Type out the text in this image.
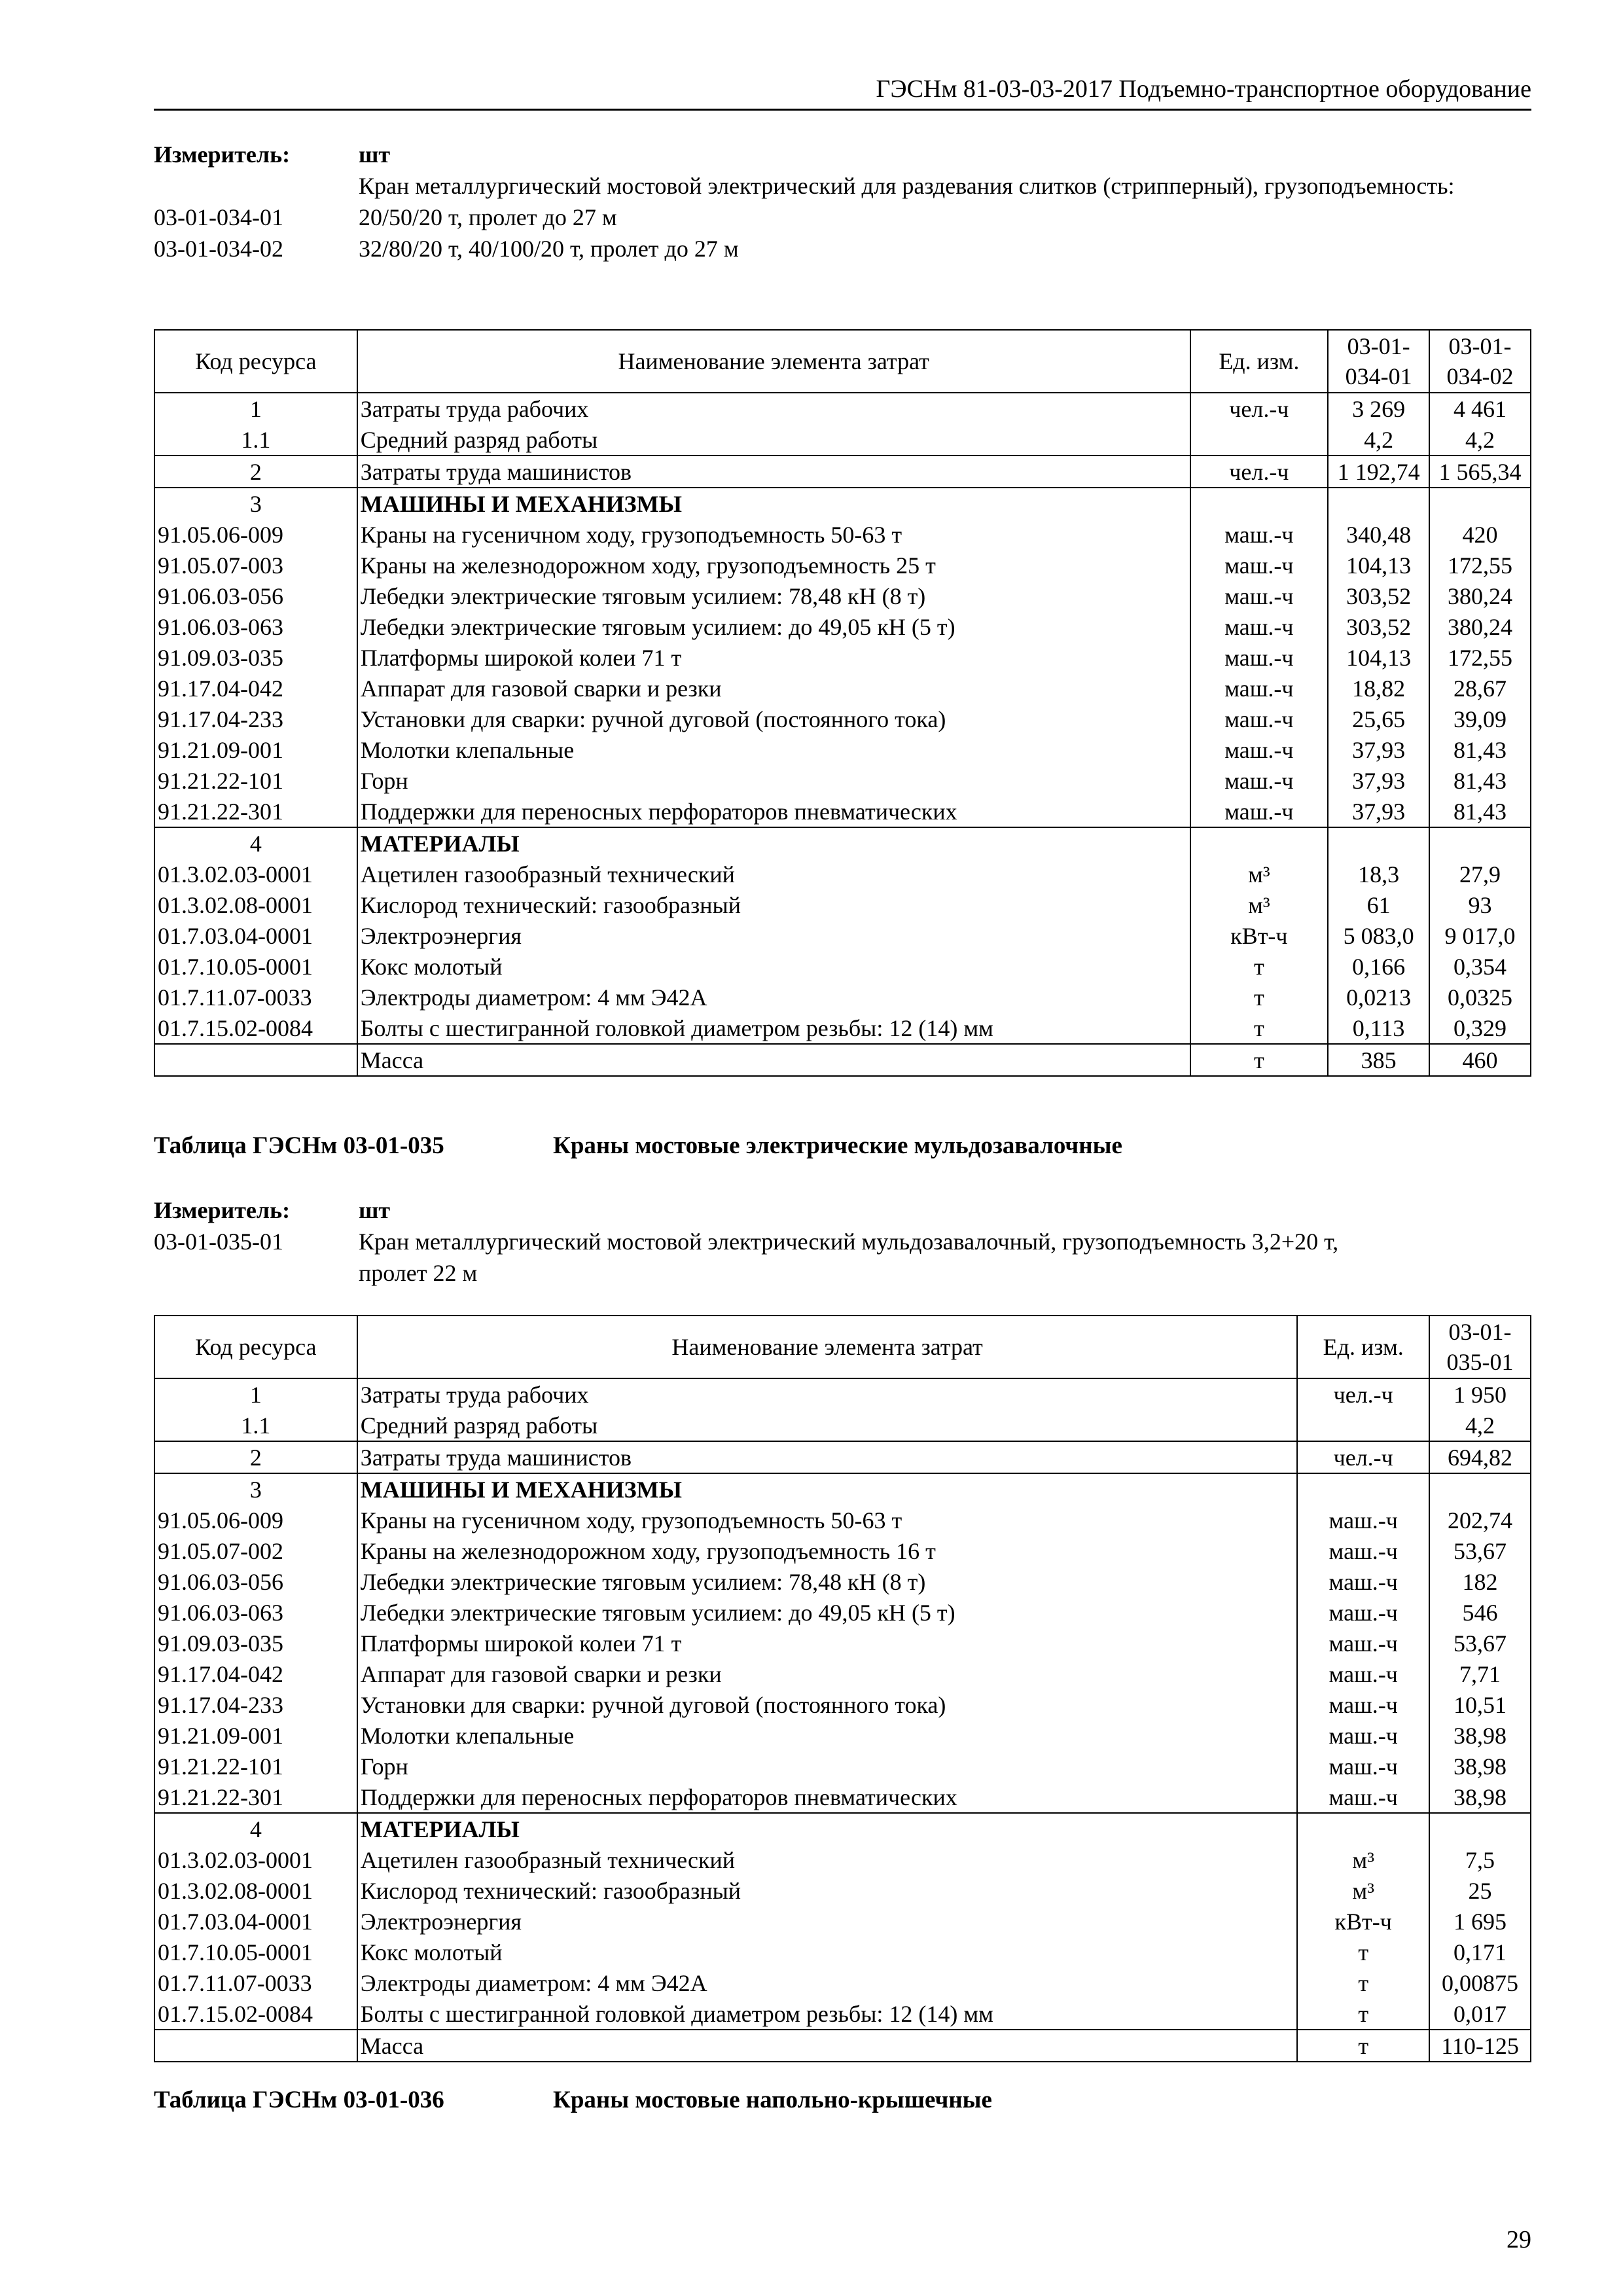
ГЭСНм 81-03-03-2017 Подъемно-транспортное оборудование
Измеритель:	шт
Кран металлургический мостовой электрический для раздевания слитков (стрипперный), грузоподъемность:
03-01-034-01	20/50/20 т, пролет до 27 м
03-01-034-02	32/80/20 т, 40/100/20 т, пролет до 27 м
Код ресурса	Наименование элемента затрат	Ед. изм.	03-01-034-01	03-01-034-02
1	Затраты труда рабочих	чел.-ч	3 269	4 461
1.1	Средний разряд работы		4,2	4,2
2	Затраты труда машинистов	чел.-ч	1 192,74	1 565,34
3	МАШИНЫ И МЕХАНИЗМЫ			
91.05.06-009	Краны на гусеничном ходу, грузоподъемность 50-63 т	маш.-ч	340,48	420
91.05.07-003	Краны на железнодорожном ходу, грузоподъемность 25 т	маш.-ч	104,13	172,55
91.06.03-056	Лебедки электрические тяговым усилием: 78,48 кН (8 т)	маш.-ч	303,52	380,24
91.06.03-063	Лебедки электрические тяговым усилием: до 49,05 кН (5 т)	маш.-ч	303,52	380,24
91.09.03-035	Платформы широкой колеи 71 т	маш.-ч	104,13	172,55
91.17.04-042	Аппарат для газовой сварки и резки	маш.-ч	18,82	28,67
91.17.04-233	Установки для сварки: ручной дуговой (постоянного тока)	маш.-ч	25,65	39,09
91.21.09-001	Молотки клепальные	маш.-ч	37,93	81,43
91.21.22-101	Горн	маш.-ч	37,93	81,43
91.21.22-301	Поддержки для переносных перфораторов пневматических	маш.-ч	37,93	81,43
4	МАТЕРИАЛЫ			
01.3.02.03-0001	Ацетилен газообразный технический	м³	18,3	27,9
01.3.02.08-0001	Кислород технический: газообразный	м³	61	93
01.7.03.04-0001	Электроэнергия	кВт-ч	5 083,0	9 017,0
01.7.10.05-0001	Кокс молотый	т	0,166	0,354
01.7.11.07-0033	Электроды диаметром: 4 мм Э42А	т	0,0213	0,0325
01.7.15.02-0084	Болты с шестигранной головкой диаметром резьбы: 12 (14) мм	т	0,113	0,329
	Масса	т	385	460
Таблица ГЭСНм 03-01-035	Краны мостовые электрические мульдозавалочные
Измеритель:	шт
03-01-035-01	Кран металлургический мостовой электрический мульдозавалочный, грузоподъемность 3,2+20 т,
пролет 22 м
Код ресурса	Наименование элемента затрат	Ед. изм.	03-01-035-01
1	Затраты труда рабочих	чел.-ч	1 950
1.1	Средний разряд работы		4,2
2	Затраты труда машинистов	чел.-ч	694,82
3	МАШИНЫ И МЕХАНИЗМЫ		
91.05.06-009	Краны на гусеничном ходу, грузоподъемность 50-63 т	маш.-ч	202,74
91.05.07-002	Краны на железнодорожном ходу, грузоподъемность 16 т	маш.-ч	53,67
91.06.03-056	Лебедки электрические тяговым усилием: 78,48 кН (8 т)	маш.-ч	182
91.06.03-063	Лебедки электрические тяговым усилием: до 49,05 кН (5 т)	маш.-ч	546
91.09.03-035	Платформы широкой колеи 71 т	маш.-ч	53,67
91.17.04-042	Аппарат для газовой сварки и резки	маш.-ч	7,71
91.17.04-233	Установки для сварки: ручной дуговой (постоянного тока)	маш.-ч	10,51
91.21.09-001	Молотки клепальные	маш.-ч	38,98
91.21.22-101	Горн	маш.-ч	38,98
91.21.22-301	Поддержки для переносных перфораторов пневматических	маш.-ч	38,98
4	МАТЕРИАЛЫ		
01.3.02.03-0001	Ацетилен газообразный технический	м³	7,5
01.3.02.08-0001	Кислород технический: газообразный	м³	25
01.7.03.04-0001	Электроэнергия	кВт-ч	1 695
01.7.10.05-0001	Кокс молотый	т	0,171
01.7.11.07-0033	Электроды диаметром: 4 мм Э42А	т	0,00875
01.7.15.02-0084	Болты с шестигранной головкой диаметром резьбы: 12 (14) мм	т	0,017
	Масса	т	110-125
Таблица ГЭСНм 03-01-036	Краны мостовые напольно-крышечные
29
